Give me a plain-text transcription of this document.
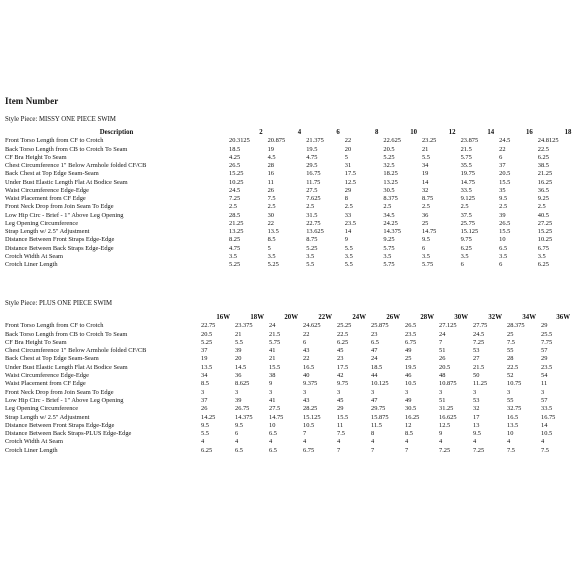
Item Number
Style Piece: MISSY ONE PIECE SWIM
Description	2	4	6	8	10	12	14	16	18
Front Torso Length from CF to Crotch	20.3125	20.875	21.375	22	22.625	23.25	23.875	24.5	24.8125
Back Torso Length from CB to Crotch To Seam	18.5	19	19.5	20	20.5	21	21.5	22	22.5
CF Bra Height To Seam	4.25	4.5	4.75	5	5.25	5.5	5.75	6	6.25
Chest Circumference 1" Below Armhole folded CF/CB	26.5	28	29.5	31	32.5	34	35.5	37	38.5
Back Chest at Top Edge Seam-Seam	15.25	16	16.75	17.5	18.25	19	19.75	20.5	21.25
Under Bust Elastic Length Flat At Bodice Seam	10.25	11	11.75	12.5	13.25	14	14.75	15.5	16.25
Waist Circumference Edge-Edge	24.5	26	27.5	29	30.5	32	33.5	35	36.5
Waist Placement from CF Edge	7.25	7.5	7.625	8	8.375	8.75	9.125	9.5	9.25
Front Neck Drop from Join Seam To Edge	2.5	2.5	2.5	2.5	2.5	2.5	2.5	2.5	2.5
Low Hip Circ - Brief - 1" Above Leg Opening	28.5	30	31.5	33	34.5	36	37.5	39	40.5
Leg Opening Circumference	21.25	22	22.75	23.5	24.25	25	25.75	26.5	27.25
Strap Length w/ 2.5" Adjustment	13.25	13.5	13.625	14	14.375	14.75	15.125	15.5	15.25
Distance Between Front Straps Edge-Edge	8.25	8.5	8.75	9	9.25	9.5	9.75	10	10.25
Distance Between Back Straps Edge-Edge	4.75	5	5.25	5.5	5.75	6	6.25	6.5	6.75
Crotch Width At Seam	3.5	3.5	3.5	3.5	3.5	3.5	3.5	3.5	3.5
Crotch Liner Length	5.25	5.25	5.5	5.5	5.75	5.75	6	6	6.25
Style Piece: PLUS ONE PIECE SWIM
	16W	18W	20W	22W	24W	26W	28W	30W	32W	34W	36W
Front Torso Length from CF to Crotch	22.75	23.375	24	24.625	25.25	25.875	26.5	27.125	27.75	28.375	29
Back Torso Length from CB to Crotch To Seam	20.5	21	21.5	22	22.5	23	23.5	24	24.5	25	25.5
CF Bra Height To Seam	5.25	5.5	5.75	6	6.25	6.5	6.75	7	7.25	7.5	7.75
Chest Circumference 1" Below Armhole folded CF/CB	37	39	41	43	45	47	49	51	53	55	57
Back Chest at Top Edge Seam-Seam	19	20	21	22	23	24	25	26	27	28	29
Under Bust Elastic Length Flat At Bodice Seam	13.5	14.5	15.5	16.5	17.5	18.5	19.5	20.5	21.5	22.5	23.5
Waist Circumference Edge-Edge	34	36	38	40	42	44	46	48	50	52	54
Waist Placement from CF Edge	8.5	8.625	9	9.375	9.75	10.125	10.5	10.875	11.25	10.75	11
Front Neck Drop from Join Seam To Edge	3	3	3	3	3	3	3	3	3	3	3
Low Hip Circ - Brief - 1" Above Leg Opening	37	39	41	43	45	47	49	51	53	55	57
Leg Opening Circumference	26	26.75	27.5	28.25	29	29.75	30.5	31.25	32	32.75	33.5
Strap Length w/ 2.5" Adjustment	14.25	14.375	14.75	15.125	15.5	15.875	16.25	16.625	17	16.5	16.75
Distance Between Front Straps Edge-Edge	9.5	9.5	10	10.5	11	11.5	12	12.5	13	13.5	14
Distance Between Back Straps-PLUS Edge-Edge	5.5	6	6.5	7	7.5	8	8.5	9	9.5	10	10.5
Crotch Width At Seam	4	4	4	4	4	4	4	4	4	4	4
Crotch Liner Length	6.25	6.5	6.5	6.75	7	7	7	7.25	7.25	7.5	7.5
